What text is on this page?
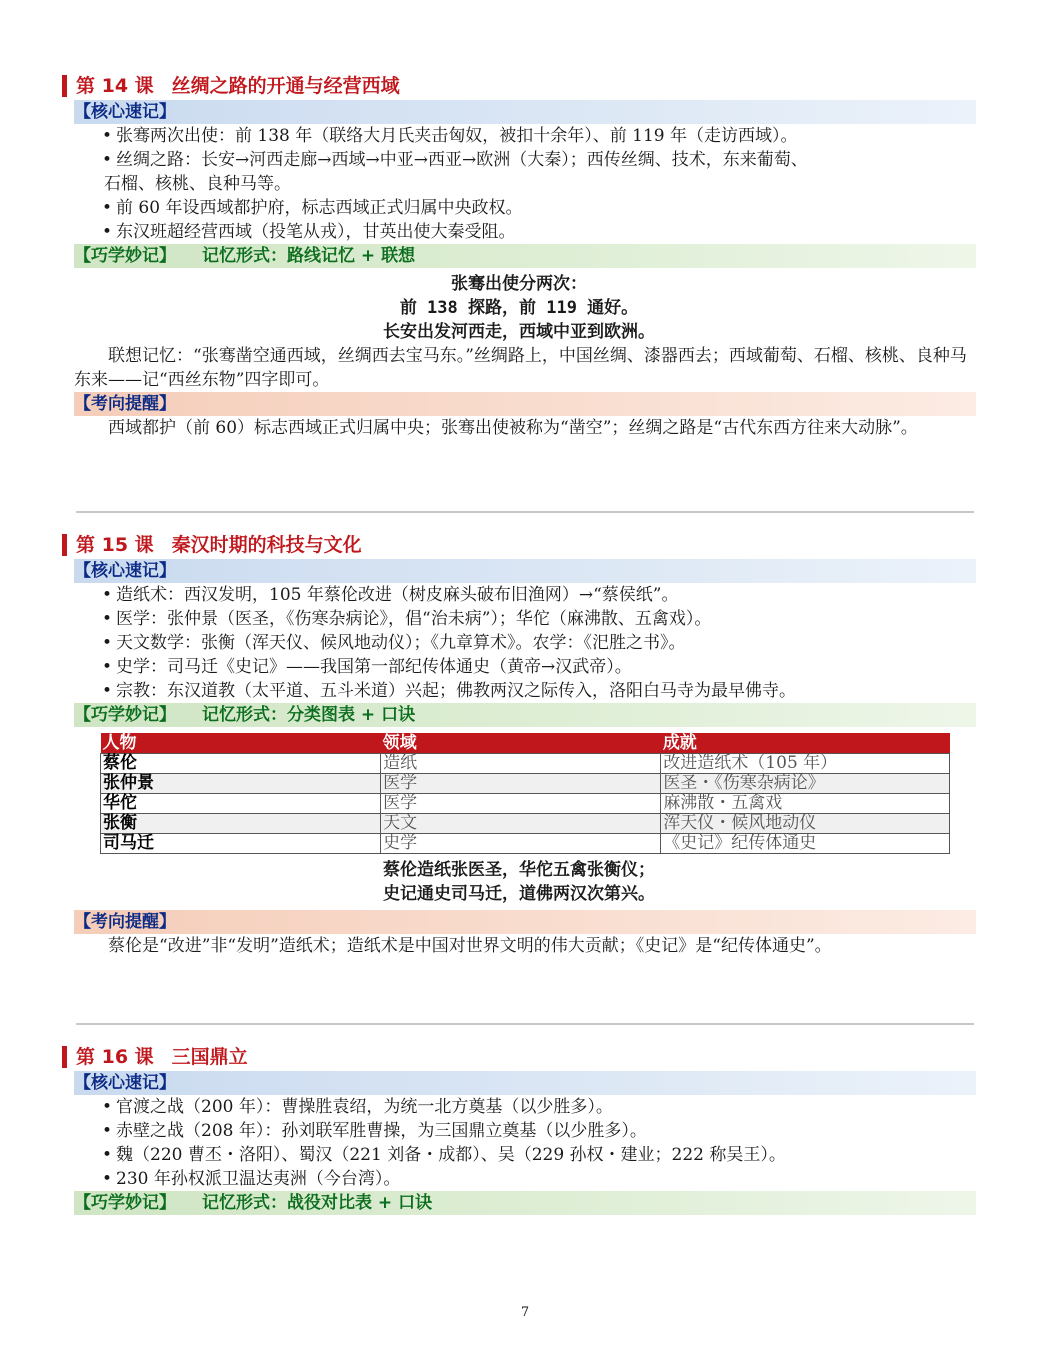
第 14 课 丝绸之路的开通与经营西域
【核心速记】
• 张骞两次出使：前 138 年（联络大月氏夹击匈奴，被扣十余年）、前 119 年（走访西域）。
• 丝绸之路：长安→河西走廊→西域→中亚→西亚→欧洲（大秦）；西传丝绸、技术，东来葡萄、
石榴、核桃、良种马等。
• 前 60 年设西域都护府，标志西域正式归属中央政权。
• 东汉班超经营西域（投笔从戎），甘英出使大秦受阻。
【巧学妙记】 记忆形式：路线记忆 + 联想
张骞出使分两次：
前 138 探路，前 119 通好。
长安出发河西走，西域中亚到欧洲。
联想记忆：“张骞凿空通西域，丝绸西去宝马东。”丝绸路上，中国丝绸、漆器西去；西域葡萄、石榴、核桃、良种马东来——记“西丝东物”四字即可。
【考向提醒】
西域都护（前 60）标志西域正式归属中央；张骞出使被称为“凿空”；丝绸之路是“古代东西方往来大动脉”。
第 15 课 秦汉时期的科技与文化
【核心速记】
• 造纸术：西汉发明，105 年蔡伦改进（树皮麻头破布旧渔网）→“蔡侯纸”。
• 医学：张仲景（医圣，《伤寒杂病论》，倡“治未病”）；华佗（麻沸散、五禽戏）。
• 天文数学：张衡（浑天仪、候风地动仪）；《九章算术》。农学：《汜胜之书》。
• 史学：司马迁《史记》——我国第一部纪传体通史（黄帝→汉武帝）。
• 宗教：东汉道教（太平道、五斗米道）兴起；佛教两汉之际传入，洛阳白马寺为最早佛寺。
【巧学妙记】 记忆形式：分类图表 + 口诀
人物	领域	成就
蔡伦	造纸	改进造纸术（105 年）
张仲景	医学	医圣・《伤寒杂病论》
华佗	医学	麻沸散・五禽戏
张衡	天文	浑天仪・候风地动仪
司马迁	史学	《史记》纪传体通史
蔡伦造纸张医圣，华佗五禽张衡仪；
史记通史司马迁，道佛两汉次第兴。
【考向提醒】
蔡伦是“改进”非“发明”造纸术；造纸术是中国对世界文明的伟大贡献；《史记》是“纪传体通史”。
第 16 课 三国鼎立
【核心速记】
• 官渡之战（200 年）：曹操胜袁绍，为统一北方奠基（以少胜多）。
• 赤壁之战（208 年）：孙刘联军胜曹操，为三国鼎立奠基（以少胜多）。
• 魏（220 曹丕・洛阳）、蜀汉（221 刘备・成都）、吴（229 孙权・建业；222 称吴王）。
• 230 年孙权派卫温达夷洲（今台湾）。
【巧学妙记】 记忆形式：战役对比表 + 口诀
7
